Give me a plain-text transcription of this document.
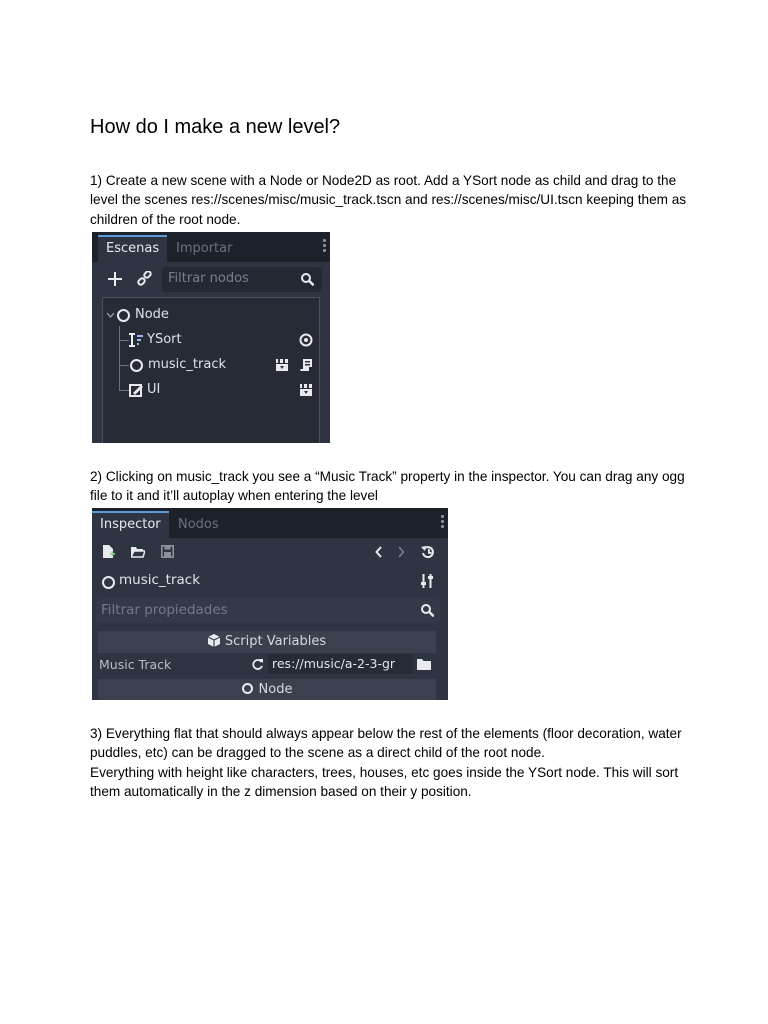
How do I make a new level?

1) Create a new scene with a Node or Node2D as root. Add a YSort node as child and drag to the level the scenes res://scenes/misc/music_track.tscn and res://scenes/misc/UI.tscn keeping them as children of the root node.

Escenas	Importar
Filtrar nodos
Node
YSort
music_track
UI

2) Clicking on music_track you see a “Music Track” property in the inspector. You can drag any ogg file to it and it’ll autoplay when entering the level

Inspector	Nodos
music_track
Filtrar propiedades
Script Variables
Music Track	res://music/a-2-3-gr
Node

3) Everything flat that should always appear below the rest of the elements (floor decoration, water puddles, etc) can be dragged to the scene as a direct child of the root node.
Everything with height like characters, trees, houses, etc goes inside the YSort node. This will sort them automatically in the z dimension based on their y position.
